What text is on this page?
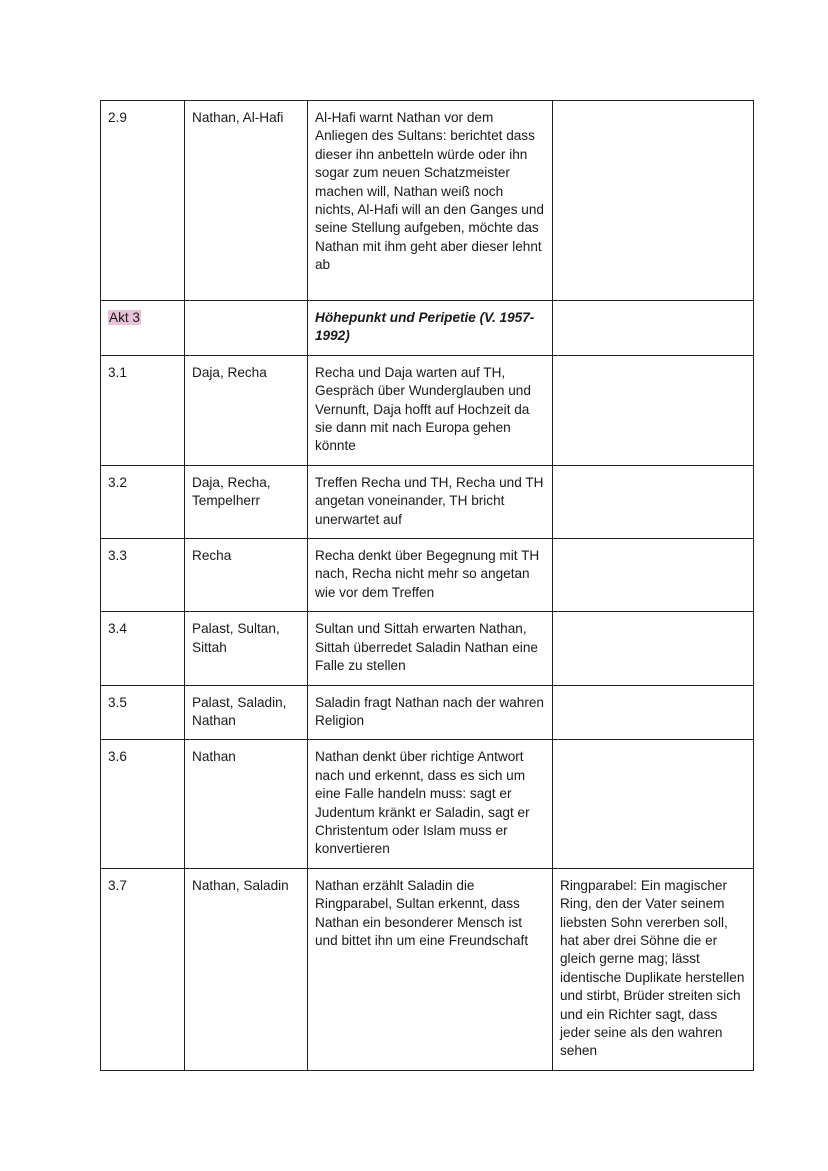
2.9	Nathan, Al-Hafi	Al-Hafi warnt Nathan vor dem Anliegen des Sultans: berichtet dass dieser ihn anbetteln würde oder ihn sogar zum neuen Schatzmeister machen will, Nathan weiß noch nichts, Al-Hafi will an den Ganges und seine Stellung aufgeben, möchte das Nathan mit ihm geht aber dieser lehnt ab	
Akt 3		Höhepunkt und Peripetie (V. 1957-1992)	
3.1	Daja, Recha	Recha und Daja warten auf TH, Gespräch über Wunderglauben und Vernunft, Daja hofft auf Hochzeit da sie dann mit nach Europa gehen könnte	
3.2	Daja, Recha, Tempelherr	Treffen Recha und TH, Recha und TH angetan voneinander, TH bricht unerwartet auf	
3.3	Recha	Recha denkt über Begegnung mit TH nach, Recha nicht mehr so angetan wie vor dem Treffen	
3.4	Palast, Sultan, Sittah	Sultan und Sittah erwarten Nathan, Sittah überredet Saladin Nathan eine Falle zu stellen	
3.5	Palast, Saladin, Nathan	Saladin fragt Nathan nach der wahren Religion	
3.6	Nathan	Nathan denkt über richtige Antwort nach und erkennt, dass es sich um eine Falle handeln muss: sagt er Judentum kränkt er Saladin, sagt er Christentum oder Islam muss er konvertieren	
3.7	Nathan, Saladin	Nathan erzählt Saladin die Ringparabel, Sultan erkennt, dass Nathan ein besonderer Mensch ist und bittet ihn um eine Freundschaft	Ringparabel: Ein magischer Ring, den der Vater seinem liebsten Sohn vererben soll, hat aber drei Söhne die er gleich gerne mag; lässt identische Duplikate herstellen und stirbt, Brüder streiten sich und ein Richter sagt, dass jeder seine als den wahren sehen
